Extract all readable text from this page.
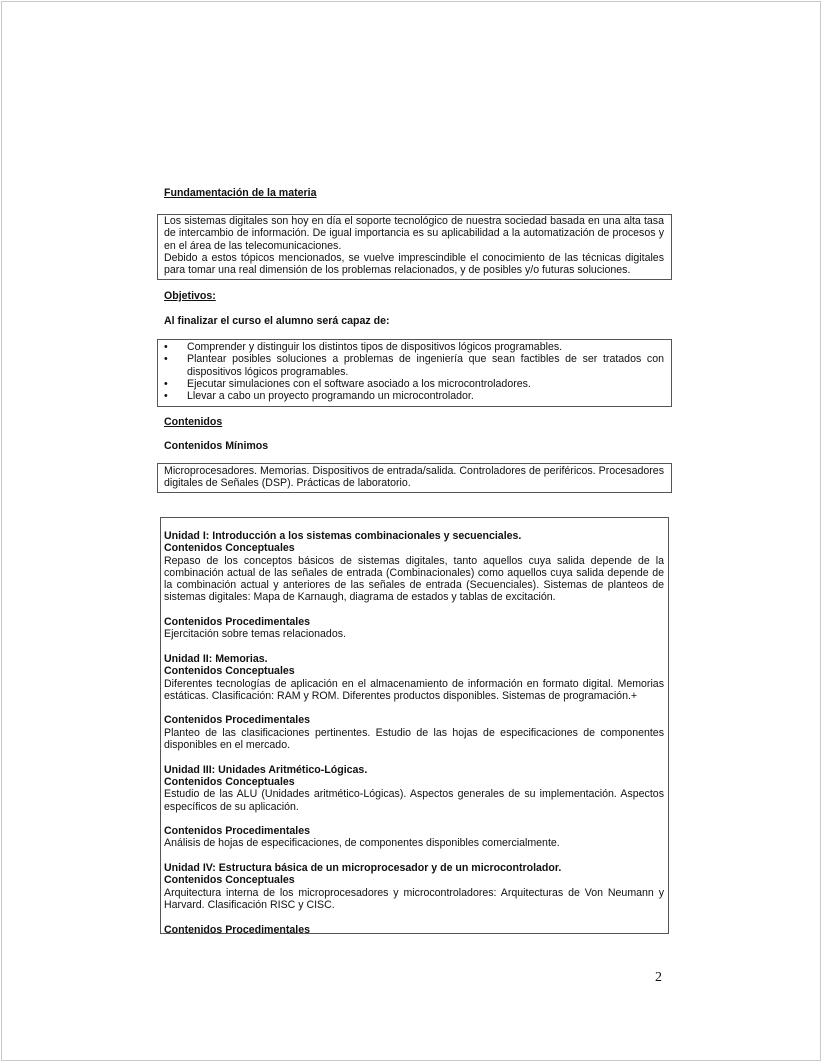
Fundamentación de la materia

Los sistemas digitales son hoy en día el soporte tecnológico de nuestra sociedad basada en una alta tasa de intercambio de información. De igual importancia es su aplicabilidad a la automatización de procesos y en el área de las telecomunicaciones.

Debido a estos tópicos mencionados, se vuelve imprescindible el conocimiento de las técnicas digitales para tomar una real dimensión de los problemas relacionados, y de posibles y/o futuras soluciones.

Objetivos:
Al finalizar el curso el alumno será capaz de:
• Comprender y distinguir los distintos tipos de dispositivos lógicos programables.
• Plantear posibles soluciones a problemas de ingeniería que sean factibles de ser tratados con dispositivos lógicos programables.
• Ejecutar simulaciones con el software asociado a los microcontroladores.
• Llevar a cabo un proyecto programando un microcontrolador.
Contenidos
Contenidos Mínimos

Microprocesadores. Memorias. Dispositivos de entrada/salida. Controladores de periféricos. Procesadores digitales de Señales (DSP). Prácticas de laboratorio.

Unidad I: Introducción a los sistemas combinacionales y secuenciales.
Contenidos Conceptuales

Repaso de los conceptos básicos de sistemas digitales, tanto aquellos cuya salida depende de la combinación actual de las señales de entrada (Combinacionales) como aquellos cuya salida depende de la combinación actual y anteriores de las señales de entrada (Secuenciales). Sistemas de planteos de sistemas digitales: Mapa de Karnaugh, diagrama de estados y tablas de excitación.

Contenidos Procedimentales

Ejercitación sobre temas relacionados.

Unidad II: Memorias.
Contenidos Conceptuales

Diferentes tecnologías de aplicación en el almacenamiento de información en formato digital. Memorias estáticas. Clasificación: RAM y ROM. Diferentes productos disponibles. Sistemas de programación.+

Contenidos Procedimentales

Planteo de las clasificaciones pertinentes. Estudio de las hojas de especificaciones de componentes disponibles en el mercado.

Unidad III: Unidades Aritmético-Lógicas.
Contenidos Conceptuales

Estudio de las ALU (Unidades aritmético-Lógicas). Aspectos generales de su implementación. Aspectos específicos de su aplicación.

Contenidos Procedimentales

Análisis de hojas de especificaciones, de componentes disponibles comercialmente.

Unidad IV: Estructura básica de un microprocesador y de un microcontrolador.
Contenidos Conceptuales

Arquitectura interna de los microprocesadores y microcontroladores: Arquitecturas de Von Neumann y Harvard. Clasificación RISC y CISC.

Contenidos Procedimentales
2
